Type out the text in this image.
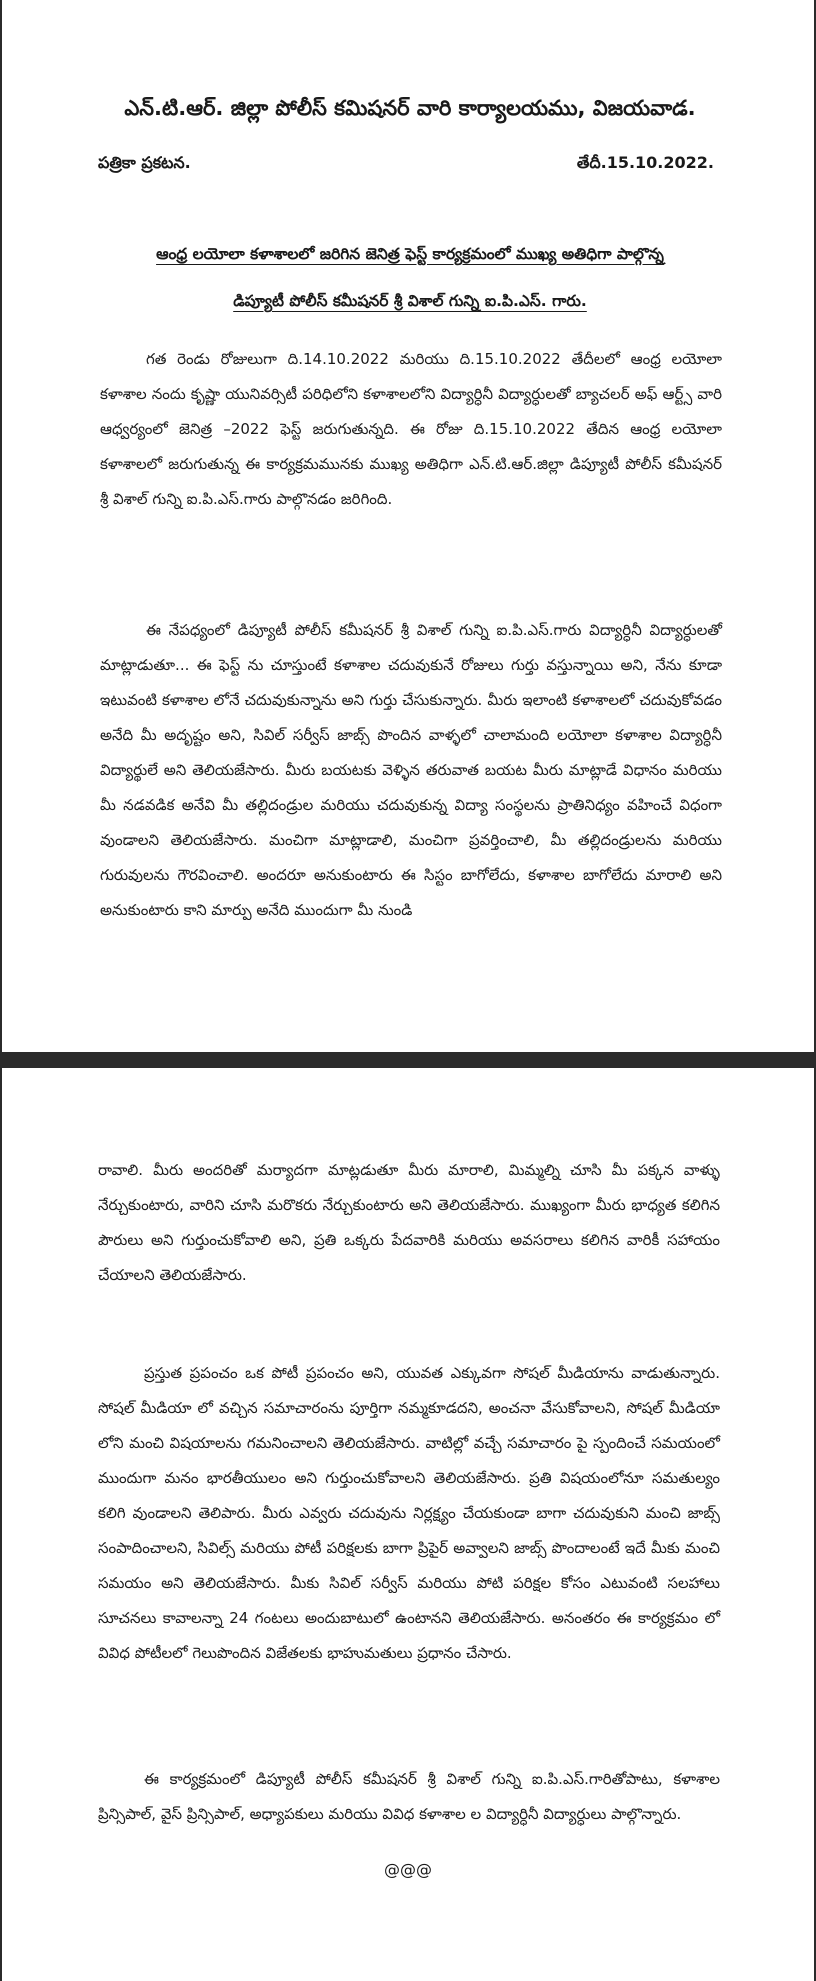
ఎన్.టి.ఆర్. జిల్లా పోలీస్ కమిషనర్ వారి కార్యాలయము, విజయవాడ.
పత్రికా ప్రకటన.	తేదీ.15.10.2022.
ఆంధ్ర లయోలా కళాశాలలో జరిగిన జెనిత్ర ఫెస్ట్ కార్యక్రమంలో ముఖ్య అతిధిగా పాల్గొన్న
డిప్యూటీ పోలీస్ కమీషనర్ శ్రీ విశాల్ గున్ని ఐ.పి.ఎస్. గారు.

గత రెండు రోజులుగా ది.14.10.2022 మరియు ది.15.10.2022 తేదీలలో ఆంధ్ర లయోలా కళాశాల నందు కృష్ణా యునివర్సిటీ పరిధిలోని కళాశాలలోని విద్యార్ధినీ విద్యార్ధులతో బ్యాచలర్ అఫ్ ఆర్ట్స్ వారి ఆధ్వర్యంలో జెనిత్ర –2022 ఫెస్ట్ జరుగుతున్నది. ఈ రోజు ది.15.10.2022 తేదిన ఆంధ్ర లయోలా కళాశాలలో జరుగుతున్న ఈ కార్యక్రమమునకు ముఖ్య అతిధిగా ఎన్.టి.ఆర్.జిల్లా డిప్యూటీ పోలీస్ కమీషనర్ శ్రీ విశాల్ గున్ని ఐ.పి.ఎస్.గారు పాల్గొనడం జరిగింది.

ఈ నేపధ్యంలో డిప్యూటీ పోలీస్ కమీషనర్ శ్రీ విశాల్ గున్ని ఐ.పి.ఎస్.గారు విద్యార్ధినీ విద్యార్ధులతో మాట్లాడుతూ... ఈ ఫెస్ట్ ను చూస్తుంటే కళాశాల చదువుకునే రోజులు గుర్తు వస్తున్నాయి అని, నేను కూడా ఇటువంటి కళాశాల లోనే చదువుకున్నాను అని గుర్తు చేసుకున్నారు. మీరు ఇలాంటి కళాశాలలో చదువుకోవడం అనేది మీ అదృష్టం అని, సివిల్ సర్వీస్ జాబ్స్ పొందిన వాళ్ళలో చాలామంది లయోలా కళాశాల విద్యార్ధినీ విద్యార్థులే అని తెలియజేసారు. మీరు బయటకు వెళ్ళిన తరువాత బయట మీరు మాట్లాడే విధానం మరియు మీ నడవడిక అనేవి మీ తల్లిదండ్రుల మరియు చదువుకున్న విద్యా సంస్థలను ప్రాతినిధ్యం వహించే విధంగా వుండాలని తెలియజేసారు. మంచిగా మాట్లాడాలి, మంచిగా ప్రవర్తించాలి, మీ తల్లిదండ్రులను మరియు గురువులను గౌరవించాలి. అందరూ అనుకుంటారు ఈ సిస్టం బాగోలేదు, కళాశాల బాగోలేదు మారాలి అని అనుకుంటారు కాని మార్పు అనేది ముందుగా మీ నుండి

రావాలి. మీరు అందరితో మర్యాదగా మాట్లడుతూ మీరు మారాలి, మిమ్మల్ని చూసి మీ పక్కన వాళ్ళు నేర్చుకుంటారు, వారిని చూసి మరొకరు నేర్చుకుంటారు అని తెలియజేసారు. ముఖ్యంగా మీరు భాధ్యత కలిగిన పౌరులు అని గుర్తుంచుకోవాలి అని, ప్రతి ఒక్కరు పేదవారికి మరియు అవసరాలు కలిగిన వారికీ సహాయం చేయాలని తెలియజేసారు.

ప్రస్తుత ప్రపంచం ఒక పోటీ ప్రపంచం అని, యువత ఎక్కువగా సోషల్ మీడియాను వాడుతున్నారు. సోషల్ మీడియా లో వచ్చిన సమాచారంను పూర్తిగా నమ్మకూడదని, అంచనా వేసుకోవాలని, సోషల్ మీడియా లోని మంచి విషయాలను గమనించాలని తెలియజేసారు. వాటిల్లో వచ్చే సమాచారం పై స్పందించే సమయంలో ముందుగా మనం భారతీయులం అని గుర్తుంచుకోవాలని తెలియజేసారు. ప్రతి విషయంలోనూ సమతుల్యం కలిగి వుండాలని తెలిపారు. మీరు ఎవ్వరు చదువును నిర్లక్ష్యం చేయకుండా బాగా చదువుకుని మంచి జాబ్స్ సంపాదించాలని, సివిల్స్ మరియు పోటీ పరిక్షలకు బాగా ప్రిపైర్ అవ్వాలని జాబ్స్ పొందాలంటే ఇదే మీకు మంచి సమయం అని తెలియజేసారు. మీకు సివిల్ సర్వీస్ మరియు పోటి పరిక్షల కోసం ఎటువంటి సలహాలు సూచనలు కావాలన్నా 24 గంటలు అందుబాటులో ఉంటానని తెలియజేసారు. అనంతరం ఈ కార్యక్రమం లో వివిధ పోటీలలో గెలుపొందిన విజేతలకు భాహుమతులు ప్రధానం చేసారు.

ఈ కార్యక్రమంలో డిప్యూటీ పోలీస్ కమీషనర్ శ్రీ విశాల్ గున్ని ఐ.పి.ఎస్.గారితోపాటు, కళాశాల ప్రిన్సిపాల్, వైస్ ప్రిన్సిపాల్, అధ్యాపకులు మరియు వివిధ కళాశాల ల విద్యార్ధినీ విద్యార్ధులు పాల్గొన్నారు.

@@@
